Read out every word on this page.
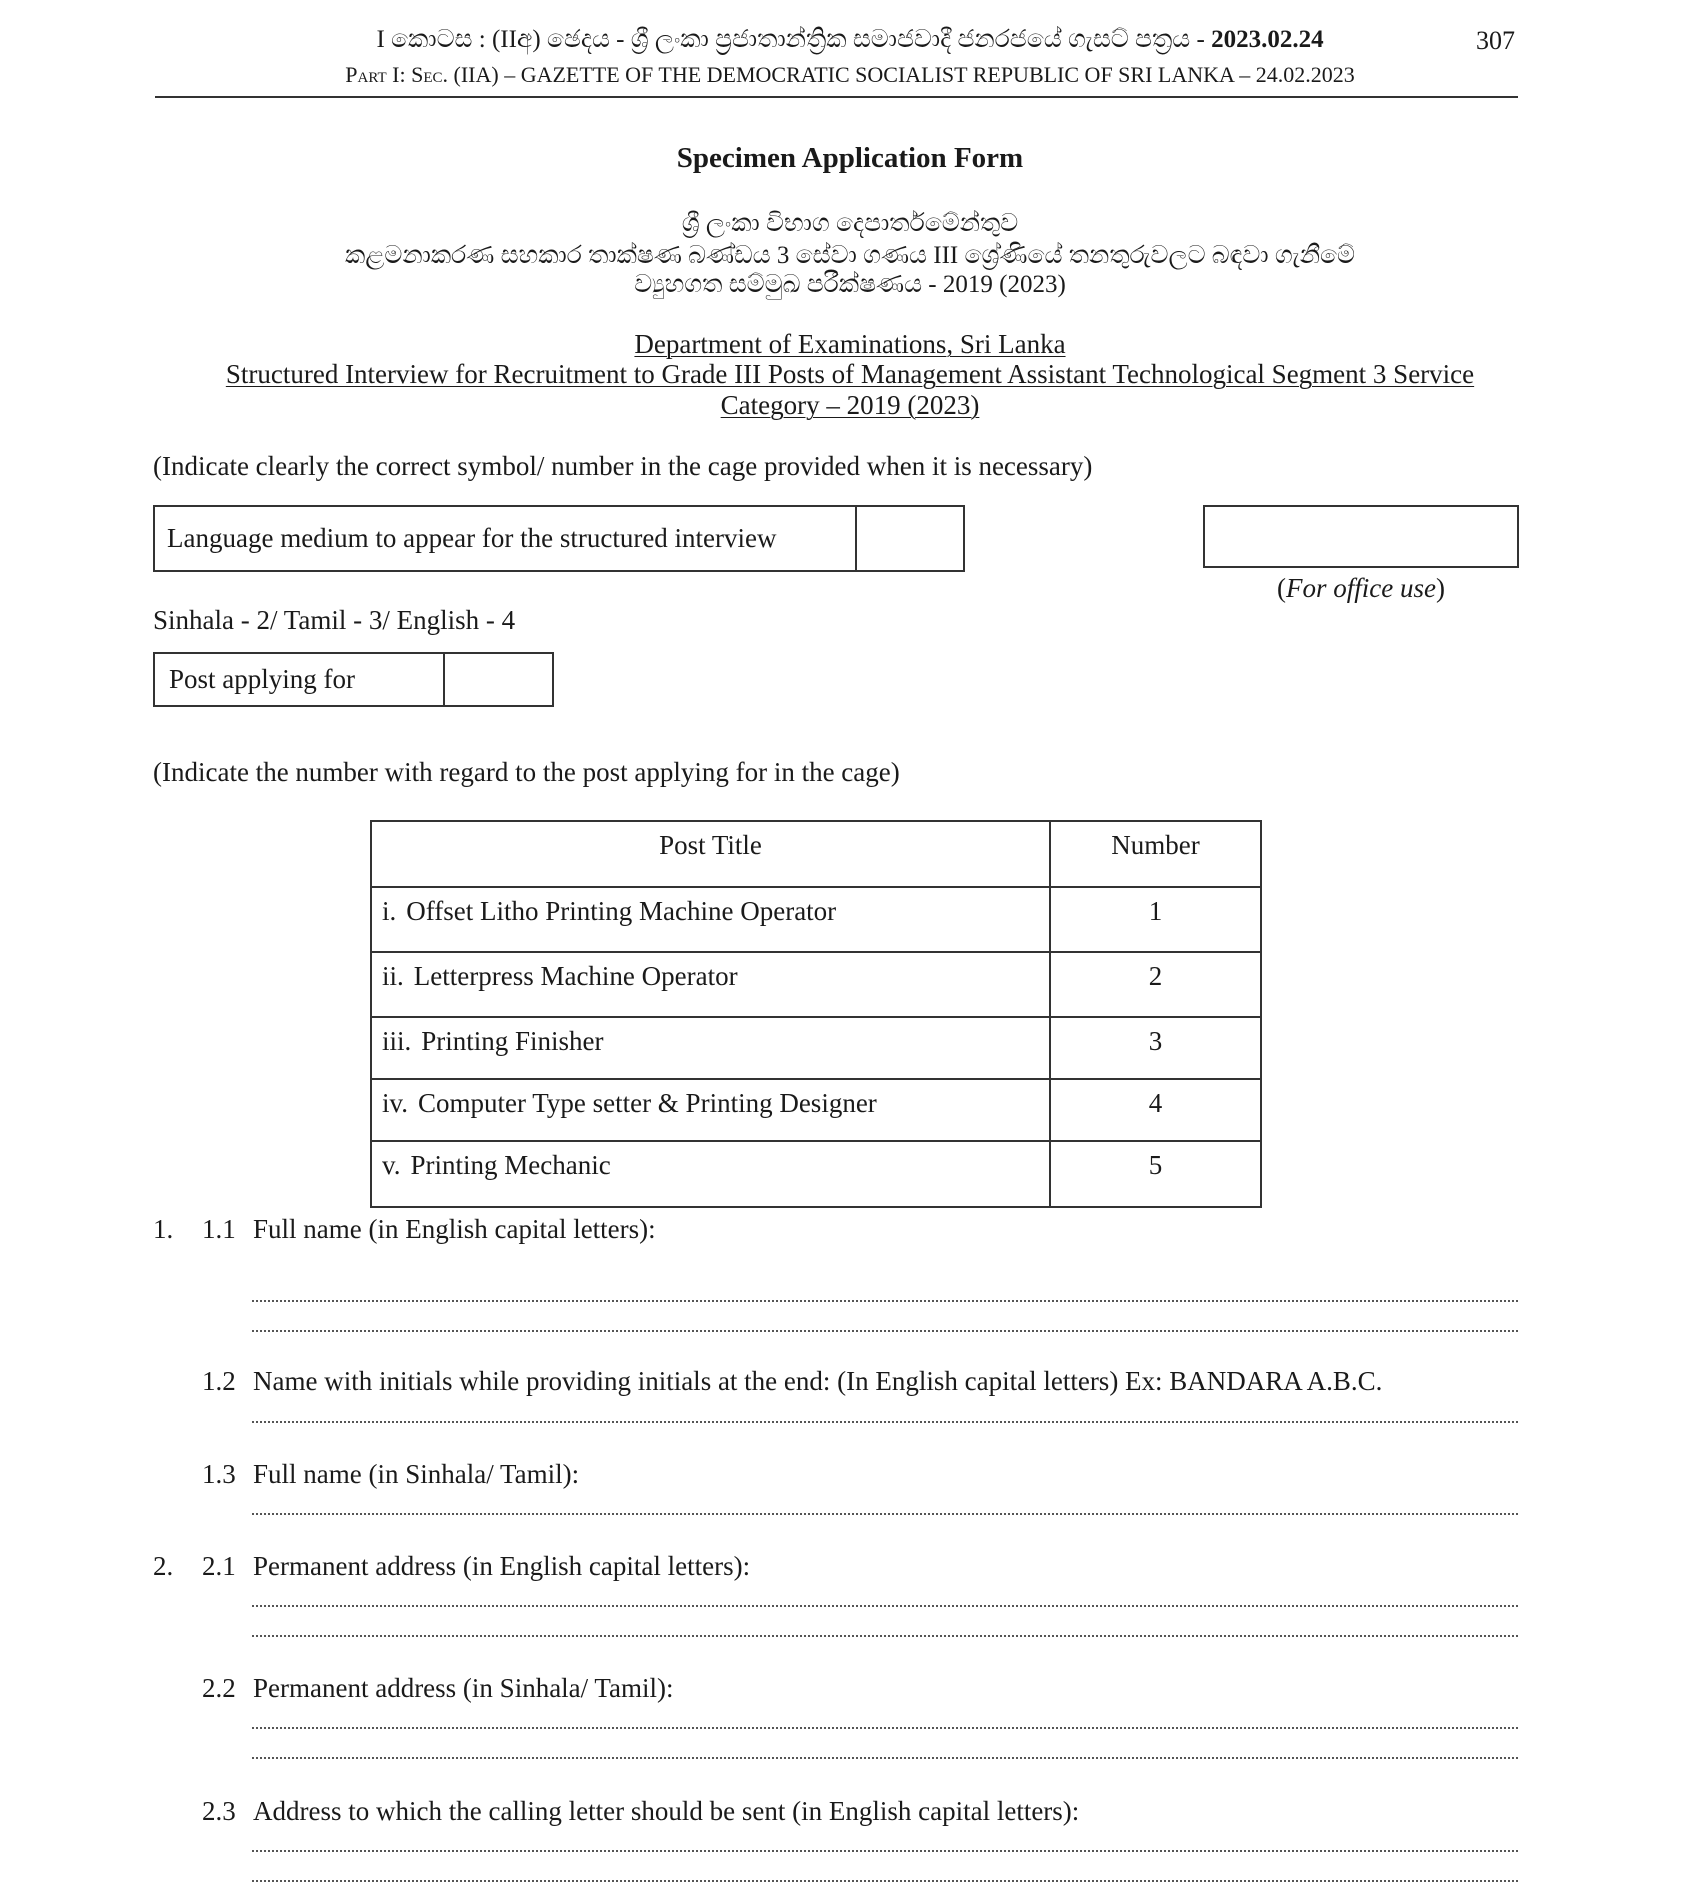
I කොටස : (IIඅ) ඡෙදය - ශ්‍රී ලංකා ප්‍රජාතාන්ත්‍රික සමාජවාදී ජනරජයේ ගැසට් පත්‍රය - 2023.02.24	307
Part I: Sec. (IIA) – GAZETTE OF THE DEMOCRATIC SOCIALIST REPUBLIC OF SRI LANKA – 24.02.2023
Specimen Application Form
ශ්‍රී ලංකා විභාග දෙපාර්තමේන්තුව
කළමනාකරණ සහකාර තාක්ෂණ බණ්ඩය 3 සේවා ගණය III ශ්‍රේණියේ තනතුරුවලට බඳවා ගැනීමේ
ව්‍යුහගත සම්මුඛ පරීක්ෂණය - 2019 (2023)
Department of Examinations, Sri Lanka
Structured Interview for Recruitment to Grade III Posts of Management Assistant Technological Segment 3 Service
Category – 2019 (2023)
(Indicate clearly the correct symbol/ number in the cage provided when it is necessary)
Language medium to appear for the structured interview
(For office use)
Sinhala - 2/ Tamil - 3/ English - 4
Post applying for
(Indicate the number with regard to the post applying for in the cage)
Post Title	Number
i. Offset Litho Printing Machine Operator	1
ii. Letterpress Machine Operator	2
iii. Printing Finisher	3
iv. Computer Type setter & Printing Designer	4
v. Printing Mechanic	5
1. 1.1 Full name (in English capital letters):
1.2 Name with initials while providing initials at the end: (In English capital letters) Ex: BANDARA A.B.C.
1.3 Full name (in Sinhala/ Tamil):
2. 2.1 Permanent address (in English capital letters):
2.2 Permanent address (in Sinhala/ Tamil):
2.3 Address to which the calling letter should be sent (in English capital letters):
